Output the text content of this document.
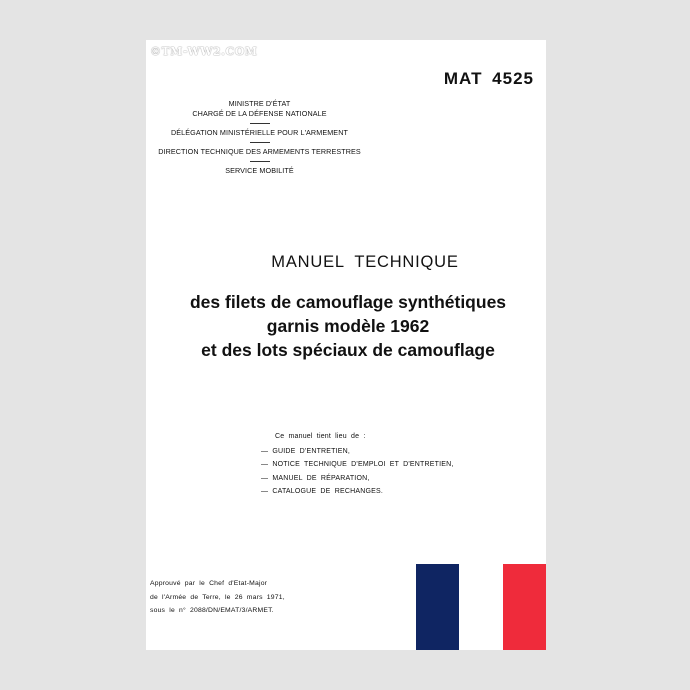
©TM-WW2.COM
MAT 4525
MINISTRE D'ÉTAT
CHARGÉ DE LA DÉFENSE NATIONALE
DÉLÉGATION MINISTÉRIELLE POUR L'ARMEMENT
DIRECTION TECHNIQUE DES ARMEMENTS TERRESTRES
SERVICE MOBILITÉ
MANUEL TECHNIQUE
des filets de camouflage synthétiques
garnis modèle 1962
et des lots spéciaux de camouflage
Ce manuel tient lieu de :
— GUIDE D'ENTRETIEN,
— NOTICE TECHNIQUE D'EMPLOI ET D'ENTRETIEN,
— MANUEL DE RÉPARATION,
— CATALOGUE DE RECHANGES.
Approuvé par le Chef d'Etat-Major
de l'Armée de Terre, le 26 mars 1971,
sous le n° 2088/DN/EMAT/3/ARMET.
